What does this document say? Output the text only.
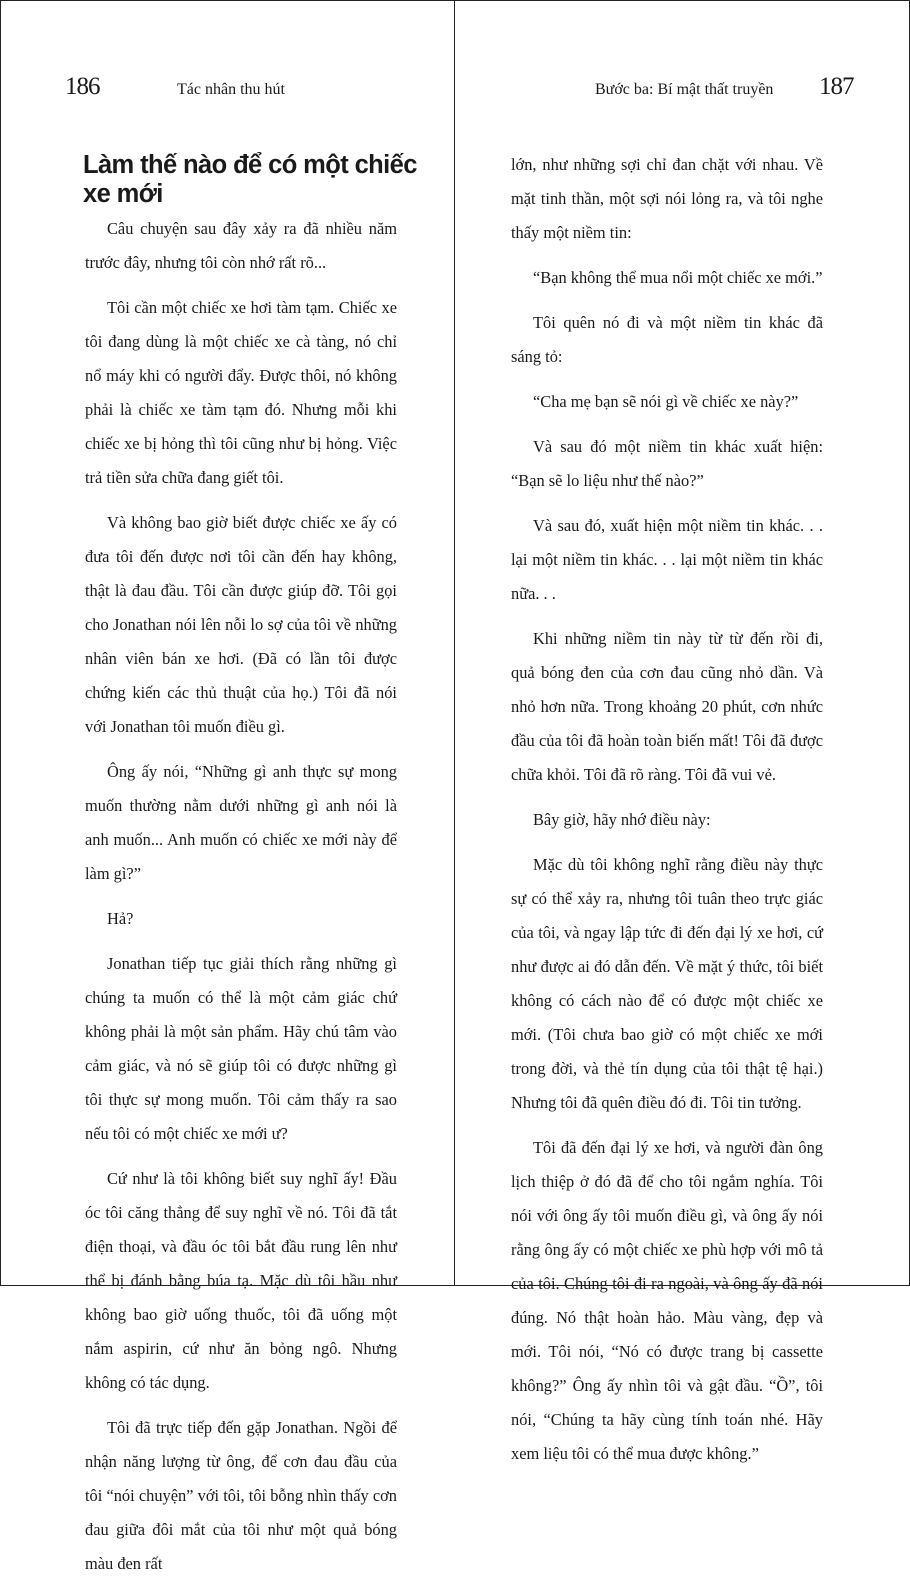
186	Tác nhân thu hút
Làm thế nào để có một chiếc xe mới

Câu chuyện sau đây xảy ra đã nhiều năm trước đây, nhưng tôi còn nhớ rất rõ...

Tôi cần một chiếc xe hơi tàm tạm. Chiếc xe tôi đang dùng là một chiếc xe cà tàng, nó chỉ nổ máy khi có người đẩy. Được thôi, nó không phải là chiếc xe tàm tạm đó. Nhưng mỗi khi chiếc xe bị hỏng thì tôi cũng như bị hỏng. Việc trả tiền sửa chữa đang giết tôi.

Và không bao giờ biết được chiếc xe ấy có đưa tôi đến được nơi tôi cần đến hay không, thật là đau đầu. Tôi cần được giúp đỡ. Tôi gọi cho Jonathan nói lên nỗi lo sợ của tôi về những nhân viên bán xe hơi. (Đã có lần tôi được chứng kiến các thủ thuật của họ.) Tôi đã nói với Jonathan tôi muốn điều gì.

Ông ấy nói, “Những gì anh thực sự mong muốn thường nằm dưới những gì anh nói là anh muốn... Anh muốn có chiếc xe mới này để làm gì?”

Hả?

Jonathan tiếp tục giải thích rằng những gì chúng ta muốn có thể là một cảm giác chứ không phải là một sản phẩm. Hãy chú tâm vào cảm giác, và nó sẽ giúp tôi có được những gì tôi thực sự mong muốn. Tôi cảm thấy ra sao nếu tôi có một chiếc xe mới ư?

Cứ như là tôi không biết suy nghĩ ấy! Đầu óc tôi căng thẳng để suy nghĩ về nó. Tôi đã tắt điện thoại, và đầu óc tôi bắt đầu rung lên như thể bị đánh bằng búa tạ. Mặc dù tôi hầu như không bao giờ uống thuốc, tôi đã uống một nắm aspirin, cứ như ăn bỏng ngô. Nhưng không có tác dụng.

Tôi đã trực tiếp đến gặp Jonathan. Ngồi để nhận năng lượng từ ông, để cơn đau đầu của tôi “nói chuyện” với tôi, tôi bỗng nhìn thấy cơn đau giữa đôi mắt của tôi như một quả bóng màu đen rất

Bước ba: Bí mật thất truyền 187

lớn, như những sợi chỉ đan chặt với nhau. Về mặt tinh thần, một sợi nói lỏng ra, và tôi nghe thấy một niềm tin:

“Bạn không thể mua nổi một chiếc xe mới.”

Tôi quên nó đi và một niềm tin khác đã sáng tỏ:

“Cha mẹ bạn sẽ nói gì về chiếc xe này?”

Và sau đó một niềm tin khác xuất hiện: “Bạn sẽ lo liệu như thế nào?”

Và sau đó, xuất hiện một niềm tin khác. . . lại một niềm tin khác. . . lại một niềm tin khác nữa. . .

Khi những niềm tin này từ từ đến rồi đi, quả bóng đen của cơn đau cũng nhỏ dần. Và nhỏ hơn nữa. Trong khoảng 20 phút, cơn nhức đầu của tôi đã hoàn toàn biến mất! Tôi đã được chữa khỏi. Tôi đã rõ ràng. Tôi đã vui vẻ.

Bây giờ, hãy nhớ điều này:

Mặc dù tôi không nghĩ rằng điều này thực sự có thể xảy ra, nhưng tôi tuân theo trực giác của tôi, và ngay lập tức đi đến đại lý xe hơi, cứ như được ai đó dẫn đến. Về mặt ý thức, tôi biết không có cách nào để có được một chiếc xe mới. (Tôi chưa bao giờ có một chiếc xe mới trong đời, và thẻ tín dụng của tôi thật tệ hại.) Nhưng tôi đã quên điều đó đi. Tôi tin tưởng.

Tôi đã đến đại lý xe hơi, và người đàn ông lịch thiệp ở đó đã để cho tôi ngắm nghía. Tôi nói với ông ấy tôi muốn điều gì, và ông ấy nói rằng ông ấy có một chiếc xe phù hợp với mô tả của tôi. Chúng tôi đi ra ngoài, và ông ấy đã nói đúng. Nó thật hoàn hảo. Màu vàng, đẹp và mới. Tôi nói, “Nó có được trang bị cassette không?” Ông ấy nhìn tôi và gật đầu. “Ồ”, tôi nói, “Chúng ta hãy cùng tính toán nhé. Hãy xem liệu tôi có thể mua được không.”
